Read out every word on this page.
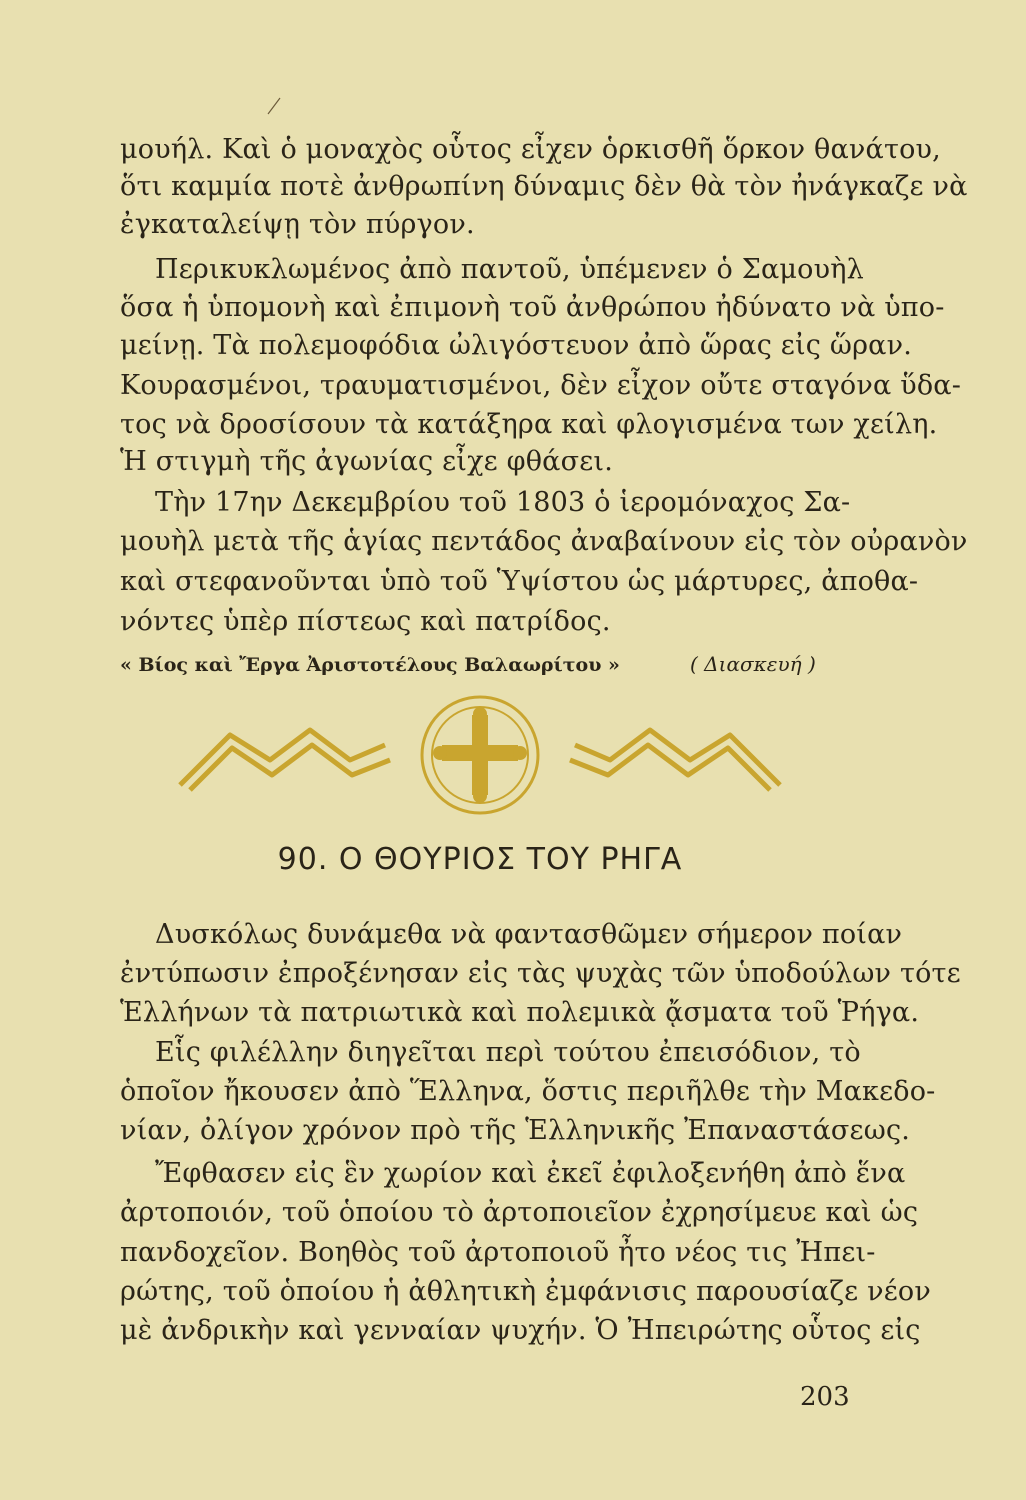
μουήλ. Καὶ ὁ μοναχὸς οὗτος εἶχεν ὁρκισθῆ ὅρκον θανάτου,
ὅτι καμμία ποτὲ ἀνθρωπίνη δύναμις δὲν θὰ τὸν ἠνάγκαζε νὰ
ἐγκαταλείψῃ τὸν πύργον.
Περικυκλωμένος ἀπὸ παντοῦ, ὑπέμενεν ὁ Σαμουὴλ
ὅσα ἡ ὑπομονὴ καὶ ἐπιμονὴ τοῦ ἀνθρώπου ἠδύνατο νὰ ὑπο-
μείνῃ. Τὰ πολεμοφόδια ὠλιγόστευον ἀπὸ ὥρας εἰς ὥραν.
Κουρασμένοι, τραυματισμένοι, δὲν εἶχον οὔτε σταγόνα ὕδα-
τος νὰ δροσίσουν τὰ κατάξηρα καὶ φλογισμένα των χείλη.
Ἡ στιγμὴ τῆς ἀγωνίας εἶχε φθάσει.
Τὴν 17ην Δεκεμβρίου τοῦ 1803 ὁ ἱερομόναχος Σα-
μουὴλ μετὰ τῆς ἁγίας πεντάδος ἀναβαίνουν εἰς τὸν οὐρανὸν
καὶ στεφανοῦνται ὑπὸ τοῦ Ὑψίστου ὡς μάρτυρες, ἀποθα-
νόντες ὑπὲρ πίστεως καὶ πατρίδος.
« Βίος καὶ Ἔργα Ἀριστοτέλους Βαλαωρίτου »	( Διασκευή )
90. Ο ΘΟΥΡΙΟΣ ΤΟΥ ΡΗΓΑ
Δυσκόλως δυνάμεθα νὰ φαντασθῶμεν σήμερον ποίαν
ἐντύπωσιν ἐπροξένησαν εἰς τὰς ψυχὰς τῶν ὑποδούλων τότε
Ἑλλήνων τὰ πατριωτικὰ καὶ πολεμικὰ ᾄσματα τοῦ Ῥήγα.
Εἷς φιλέλλην διηγεῖται περὶ τούτου ἐπεισόδιον, τὸ
ὁποῖον ἤκουσεν ἀπὸ Ἕλληνα, ὅστις περιῆλθε τὴν Μακεδο-
νίαν, ὀλίγον χρόνον πρὸ τῆς Ἑλληνικῆς Ἐπαναστάσεως.
Ἔφθασεν εἰς ἓν χωρίον καὶ ἐκεῖ ἐφιλοξενήθη ἀπὸ ἕνα
ἀρτοποιόν, τοῦ ὁποίου τὸ ἀρτοποιεῖον ἐχρησίμευε καὶ ὡς
πανδοχεῖον. Βοηθὸς τοῦ ἀρτοποιοῦ ἦτο νέος τις Ἠπει-
ρώτης, τοῦ ὁποίου ἡ ἀθλητικὴ ἐμφάνισις παρουσίαζε νέον
μὲ ἀνδρικὴν καὶ γενναίαν ψυχήν. Ὁ Ἠπειρώτης οὗτος εἰς
203
